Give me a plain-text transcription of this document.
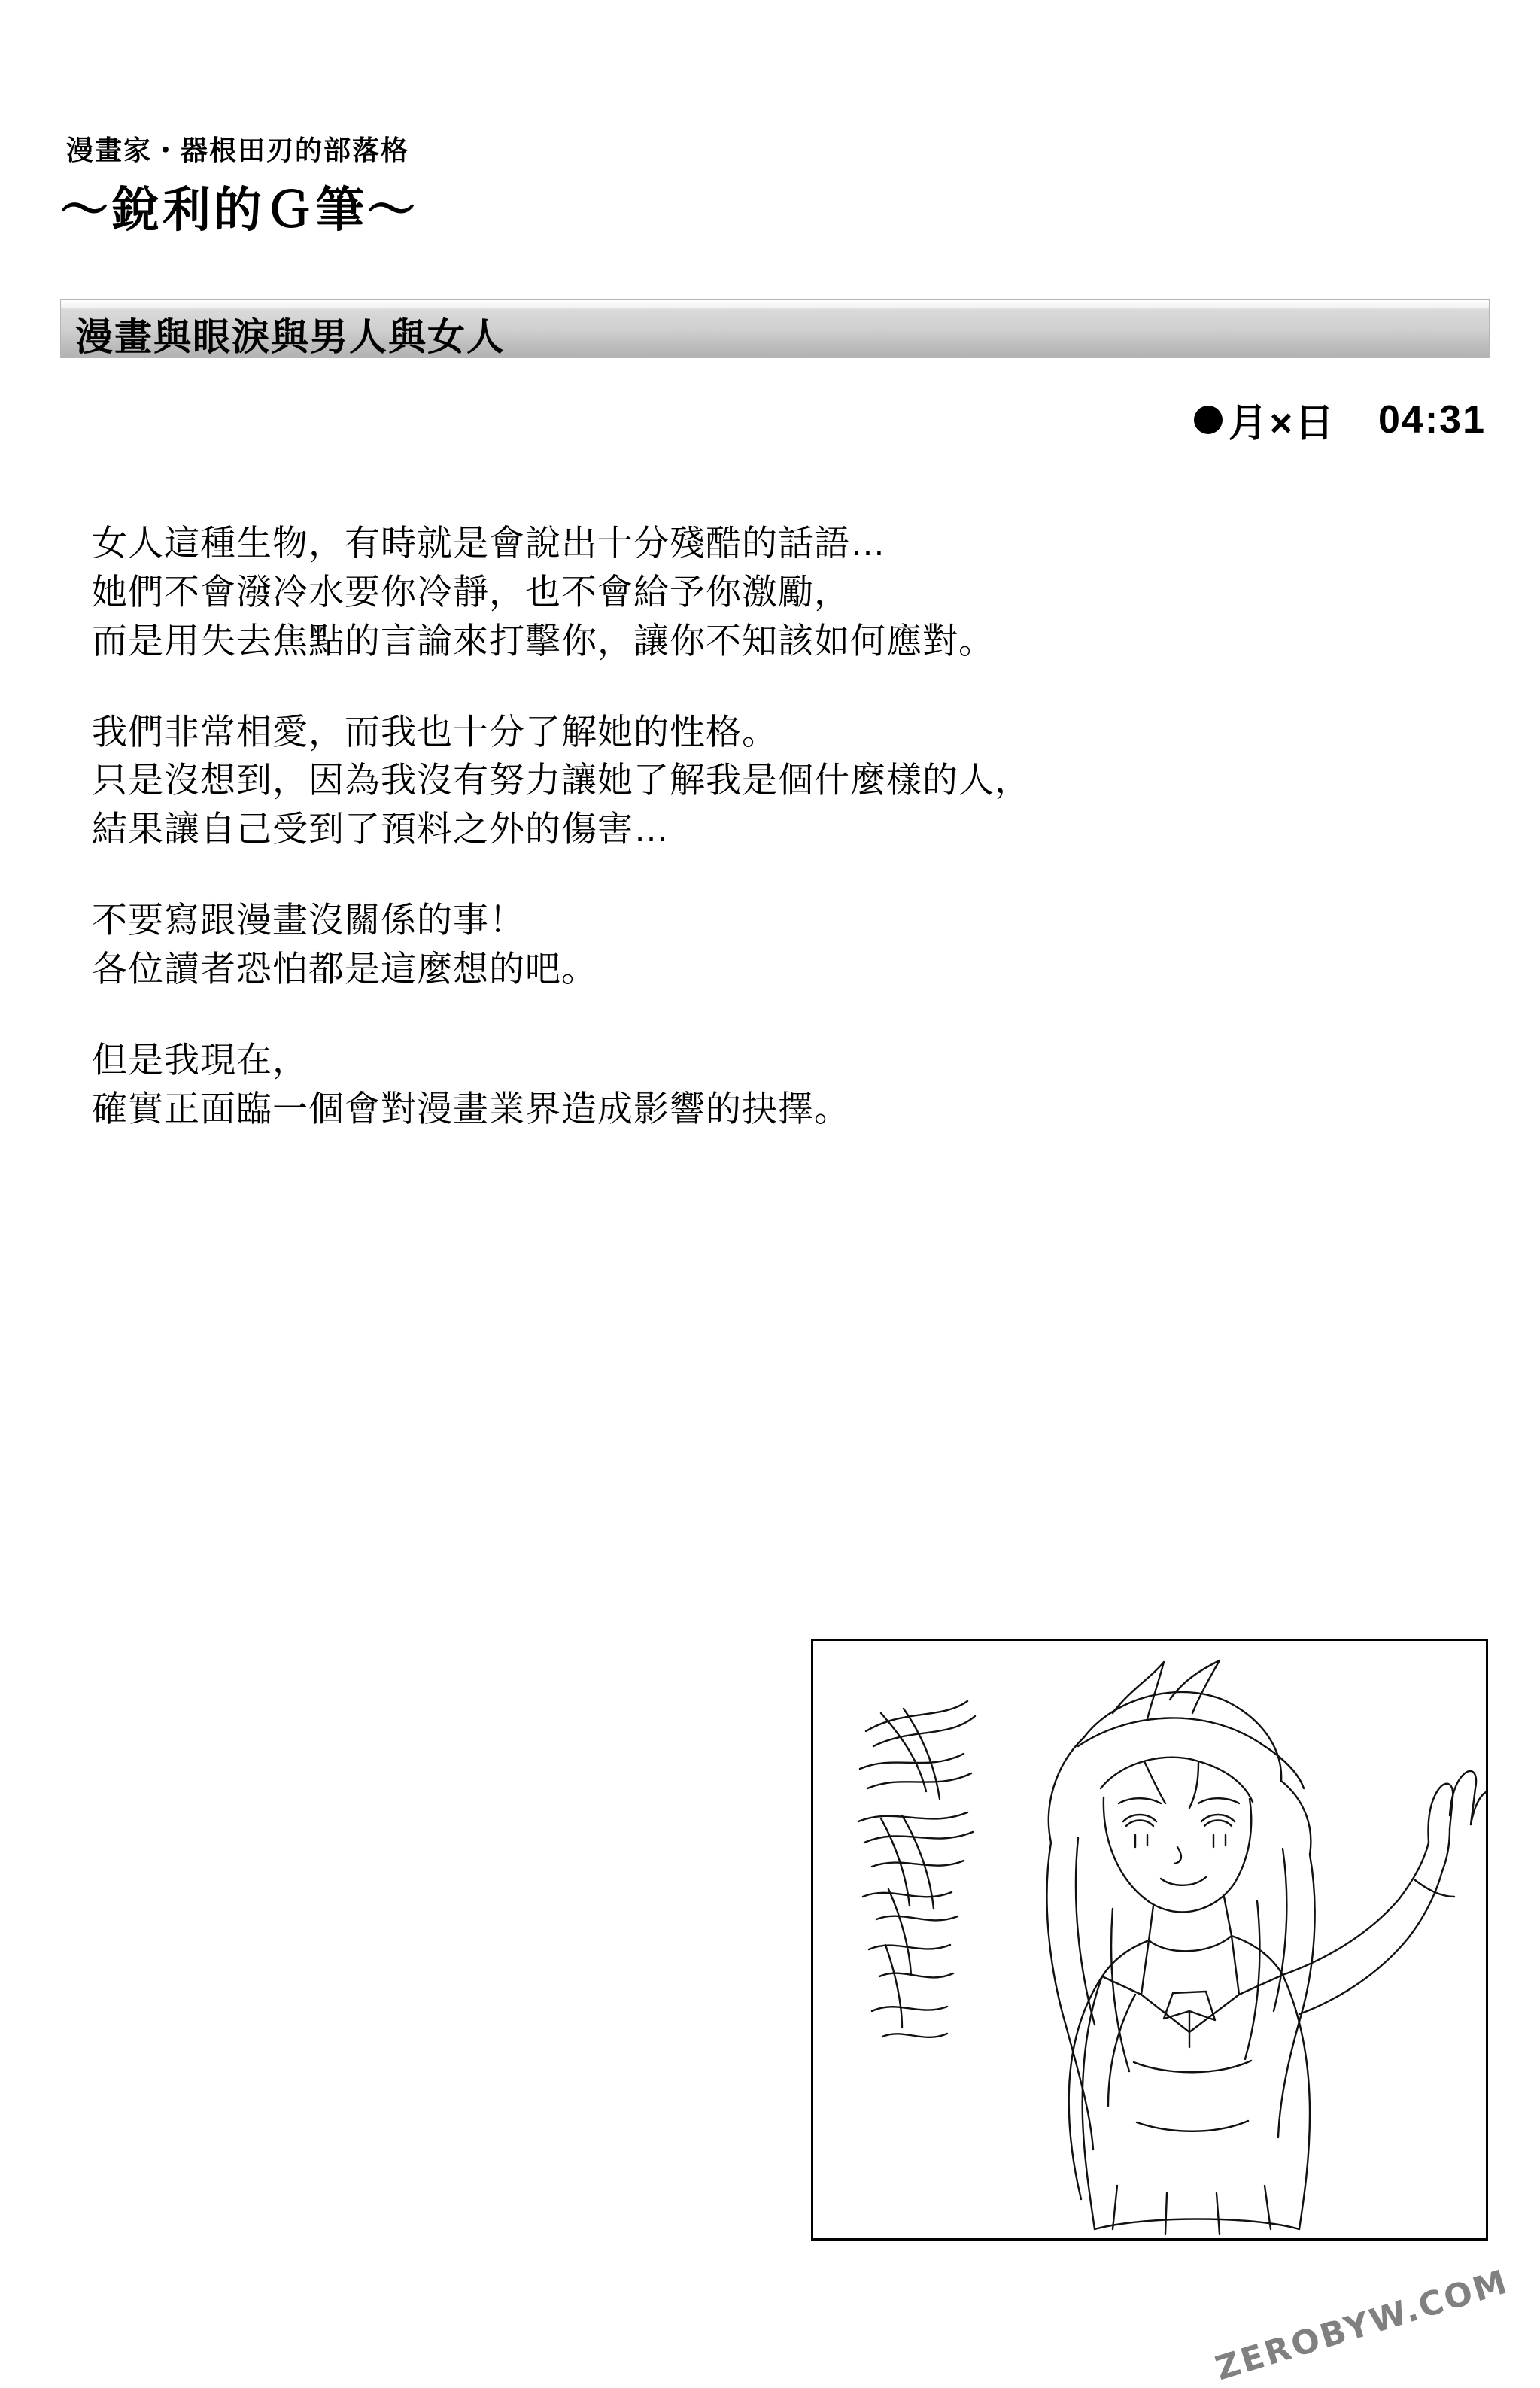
漫畫家・器根田刃的部落格
～銳利的Ｇ筆～
漫畫與眼淚與男人與女人
月×日 04:31

女人這種生物，有時就是會說出十分殘酷的話語…
她們不會潑冷水要你冷靜，也不會給予你激勵，
而是用失去焦點的言論來打擊你，讓你不知該如何應對。

我們非常相愛，而我也十分了解她的性格。
只是沒想到，因為我沒有努力讓她了解我是個什麼樣的人，
結果讓自己受到了預料之外的傷害…

不要寫跟漫畫沒關係的事！
各位讀者恐怕都是這麼想的吧。

但是我現在，
確實正面臨一個會對漫畫業界造成影響的抉擇。

ZEROBYW.COM
